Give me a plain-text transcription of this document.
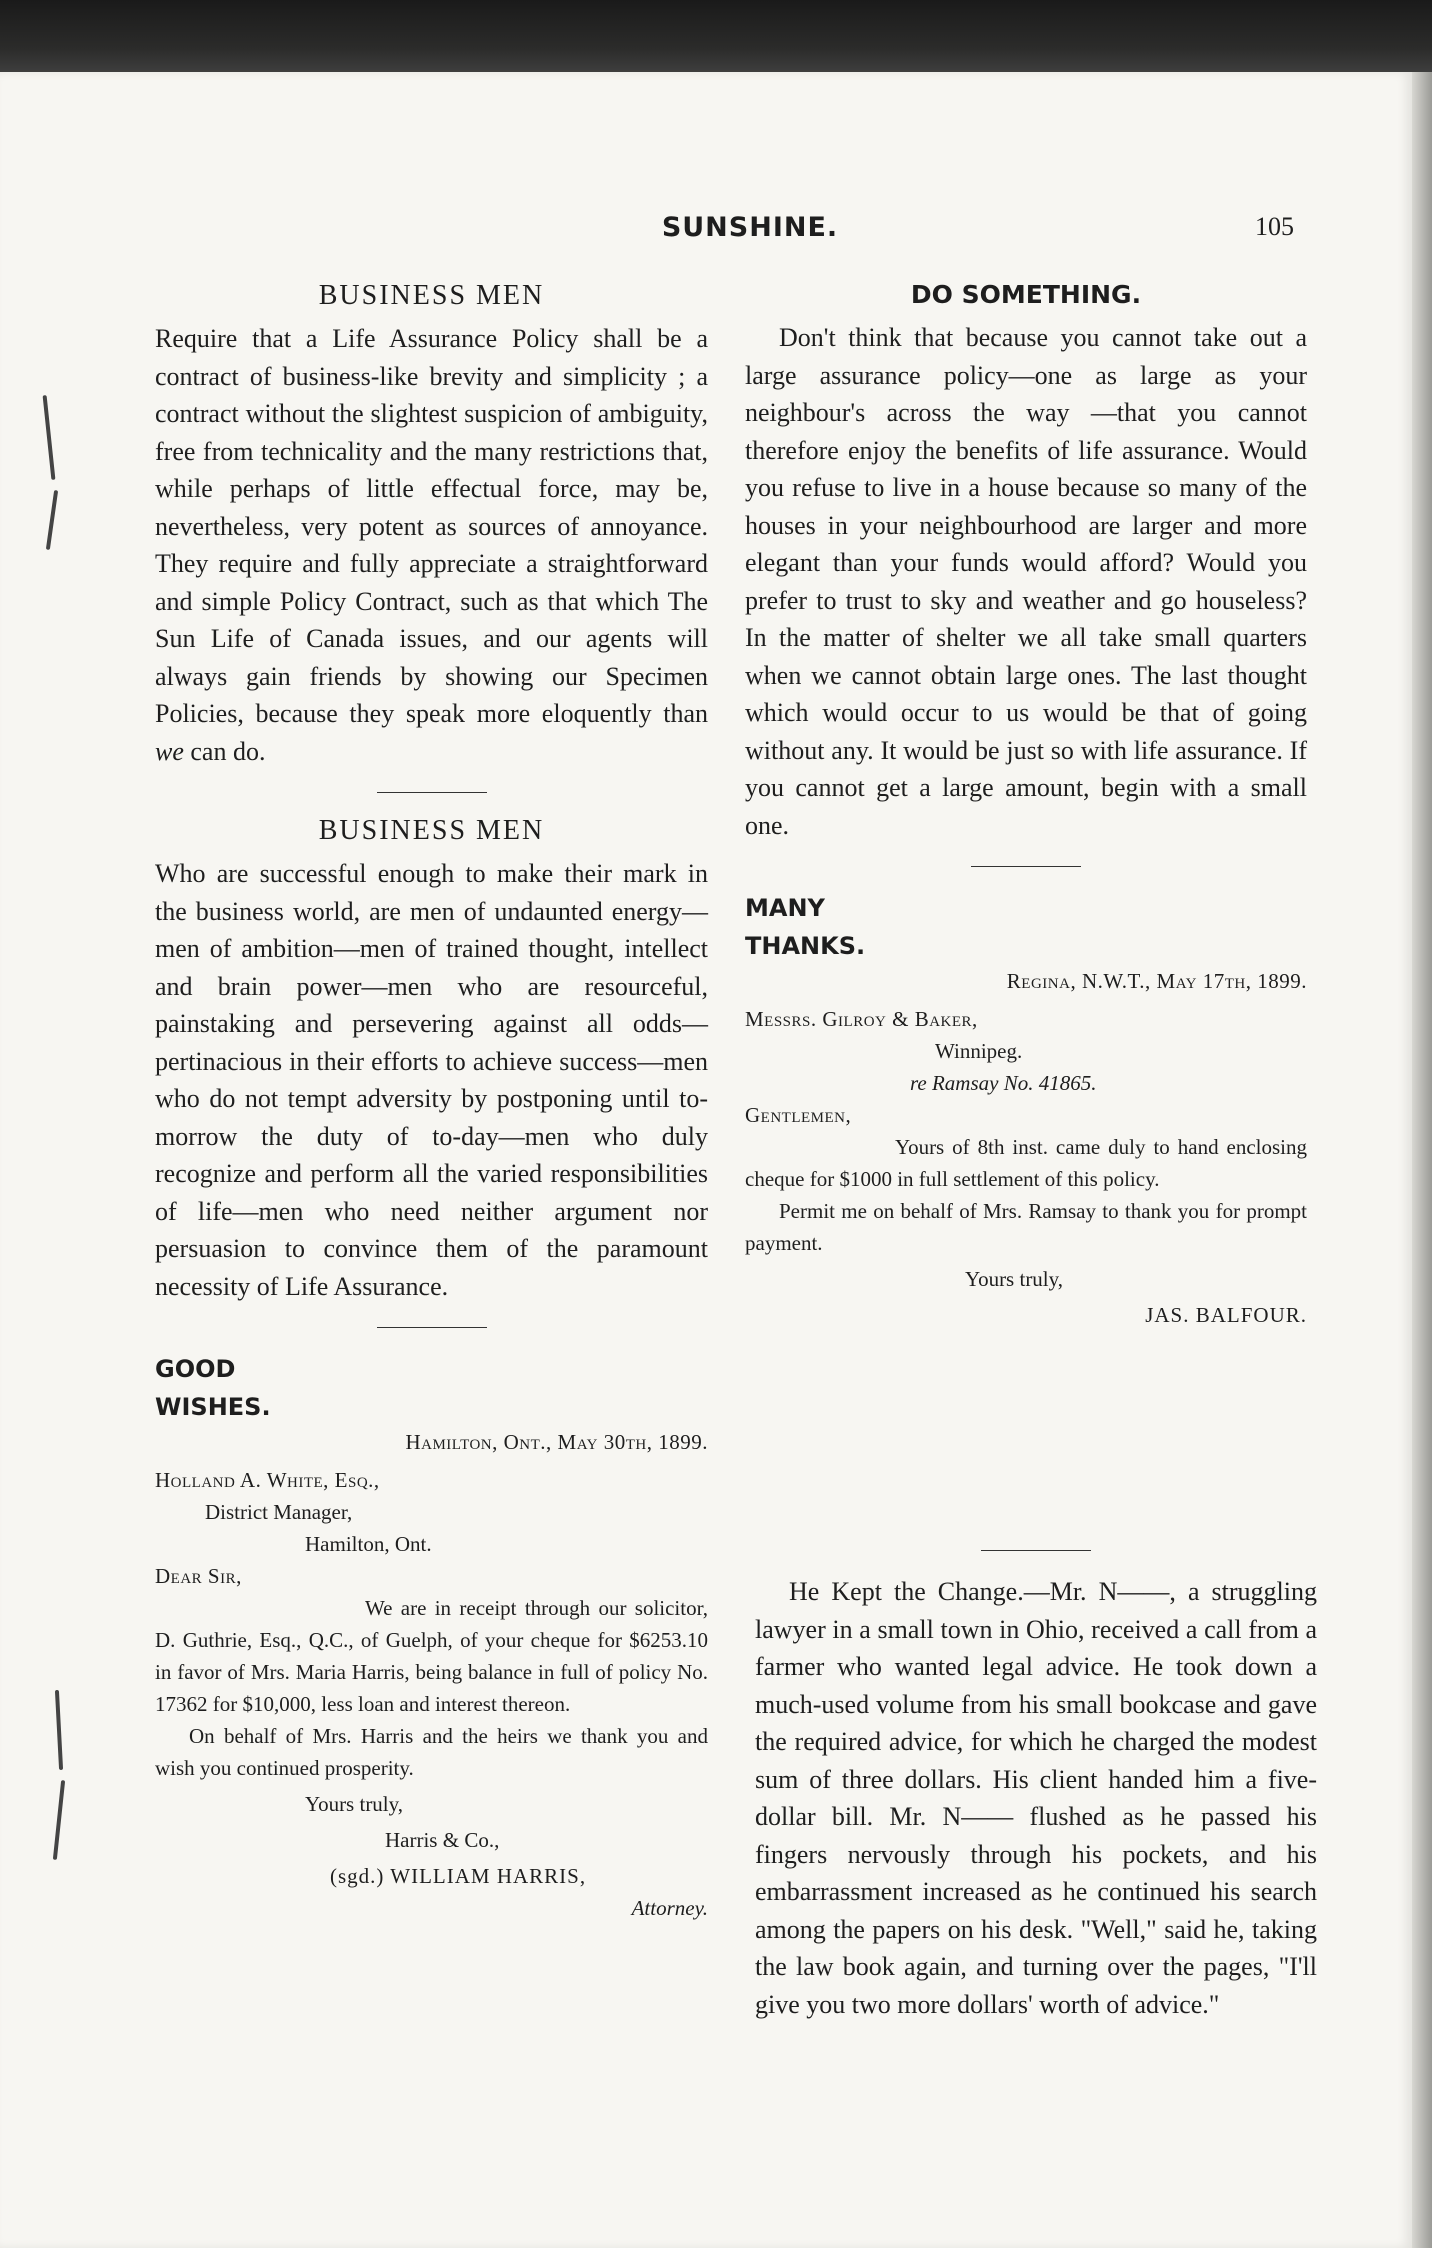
SUNSHINE.	105
BUSINESS MEN

Require that a Life Assurance Policy shall be a contract of business-like brevity and simplicity ; a contract without the slightest suspicion of ambiguity, free from technicality and the many restrictions that, while perhaps of little effectual force, may be, nevertheless, very potent as sources of annoyance. They require and fully appreciate a straightforward and simple Policy Contract, such as that which The Sun Life of Canada issues, and our agents will always gain friends by showing our Specimen Policies, because they speak more eloquently than we can do.

BUSINESS MEN

Who are successful enough to make their mark in the business world, are men of undaunted energy—men of ambition—men of trained thought, intellect and brain power—men who are resourceful, painstaking and persevering against all odds—pertinacious in their efforts to achieve success—men who do not tempt adversity by postponing until to-morrow the duty of to-day—men who duly recognize and perform all the varied responsibilities of life—men who need neither argument nor persuasion to convince them of the paramount necessity of Life Assurance.

GOOD
WISHES.

Hamilton, Ont., May 30th, 1899.

Holland A. White, Esq.,

District Manager,

Hamilton, Ont.

Dear Sir,

We are in receipt through our solicitor, D. Guthrie, Esq., Q.C., of Guelph, of your cheque for $6253.10 in favor of Mrs. Maria Harris, being balance in full of policy No. 17362 for $10,000, less loan and interest thereon.

On behalf of Mrs. Harris and the heirs we thank you and wish you continued prosperity.

Yours truly,

Harris & Co.,

(sgd.) WILLIAM HARRIS,

Attorney.

DO SOMETHING.

Don't think that because you cannot take out a large assurance policy—one as large as your neighbour's across the way —that you cannot therefore enjoy the benefits of life assurance. Would you refuse to live in a house because so many of the houses in your neighbourhood are larger and more elegant than your funds would afford? Would you prefer to trust to sky and weather and go houseless? In the matter of shelter we all take small quarters when we cannot obtain large ones. The last thought which would occur to us would be that of going without any. It would be just so with life assurance. If you cannot get a large amount, begin with a small one.

MANY
THANKS.

Regina, N.W.T., May 17th, 1899.

Messrs. Gilroy & Baker,

Winnipeg.

re Ramsay No. 41865.

Gentlemen,

Yours of 8th inst. came duly to hand enclosing cheque for $1000 in full settlement of this policy.

Permit me on behalf of Mrs. Ramsay to thank you for prompt payment.

Yours truly,

JAS. BALFOUR.

He Kept the Change.—Mr. N——, a struggling lawyer in a small town in Ohio, received a call from a farmer who wanted legal advice. He took down a much-used volume from his small bookcase and gave the required advice, for which he charged the modest sum of three dollars. His client handed him a five-dollar bill. Mr. N—— flushed as he passed his fingers nervously through his pockets, and his embarrassment increased as he continued his search among the papers on his desk. "Well," said he, taking the law book again, and turning over the pages, "I'll give you two more dollars' worth of advice."
